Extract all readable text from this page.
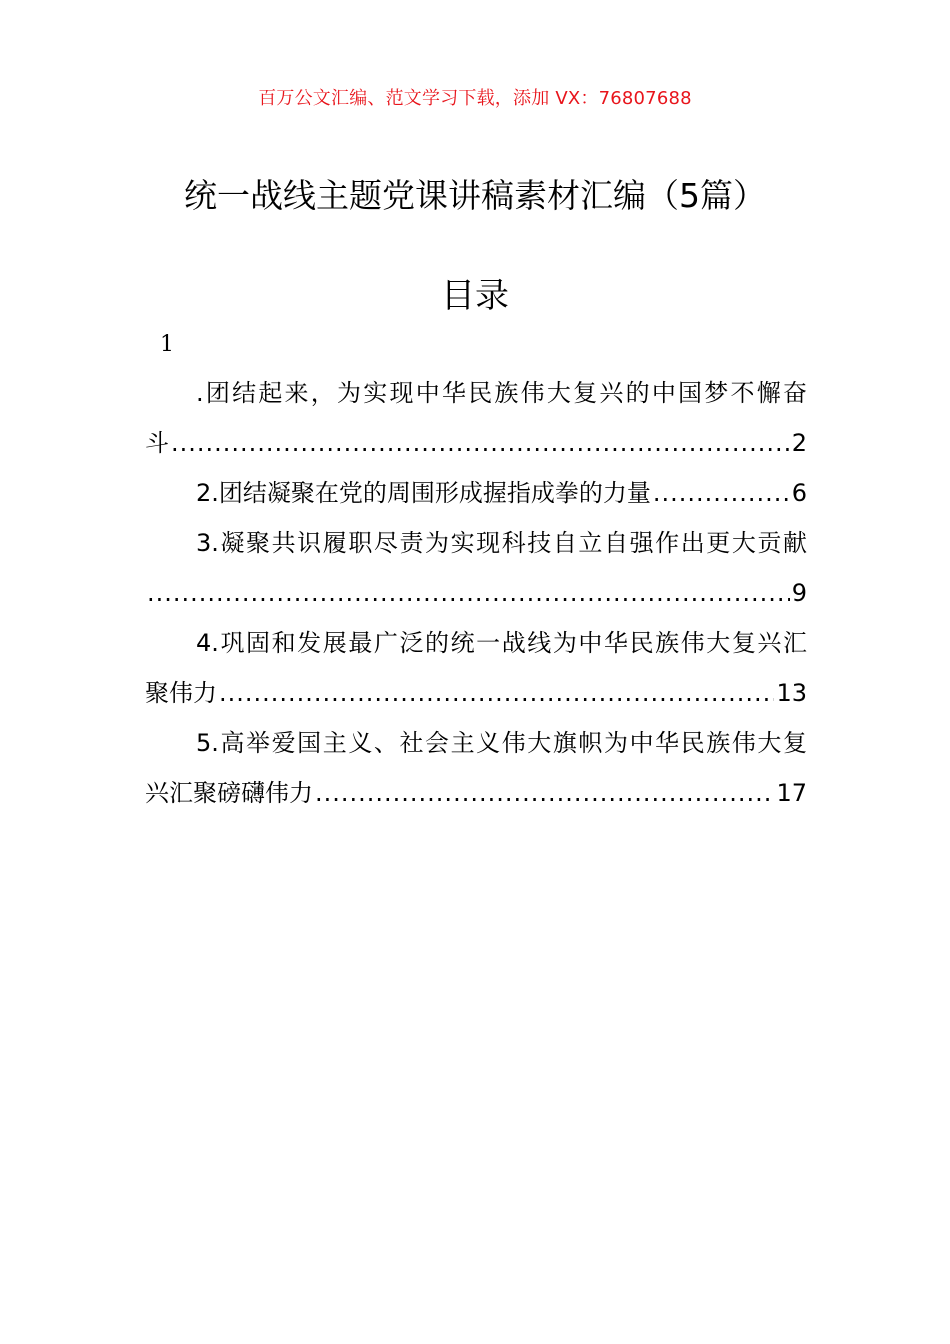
百万公文汇编、范文学习下载，添加 VX：76807688
统一战线主题党课讲稿素材汇编（5篇）
目录
1
.团结起来，为实现中华民族伟大复兴的中国梦不懈奋
斗 .....	2
2.团结凝聚在党的周围形成握指成拳的力量 .....	6
3.凝聚共识履职尽责为实现科技自立自强作出更大贡献
.....
9
4.巩固和发展最广泛的统一战线为中华民族伟大复兴汇
聚伟力 .....	13
5.高举爱国主义、社会主义伟大旗帜为中华民族伟大复
兴汇聚磅礴伟力 .....	17
